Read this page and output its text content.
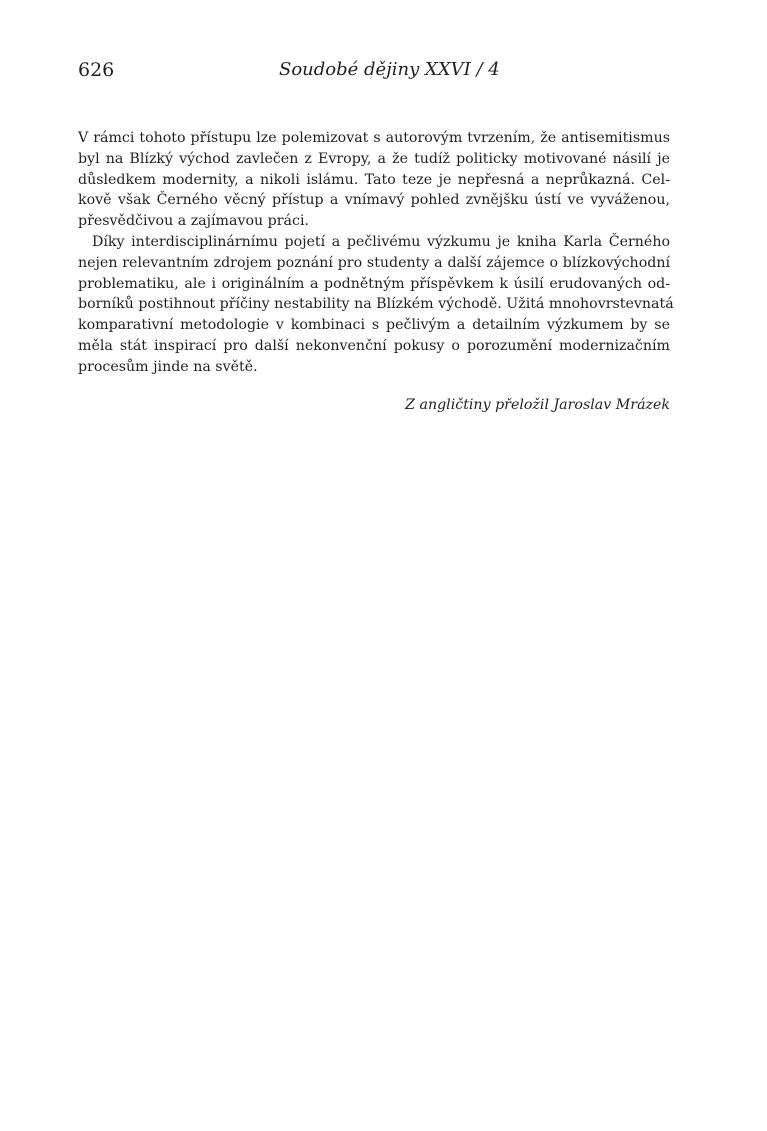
626	Soudobé dějiny XXVI / 4
V rámci tohoto přístupu lze polemizovat s autorovým tvrzením, že antisemitismus
byl na Blízký východ zavlečen z Evropy, a že tudíž politicky motivované násilí je
důsledkem modernity, a nikoli islámu. Tato teze je nepřesná a neprůkazná. Cel-
kově však Černého věcný přístup a vnímavý pohled zvnějšku ústí ve vyváženou,
přesvědčivou a zajímavou práci.
Díky interdisciplinárnímu pojetí a pečlivému výzkumu je kniha Karla Černého
nejen relevantním zdrojem poznání pro studenty a další zájemce o blízkovýchodní
problematiku, ale i originálním a podnětným příspěvkem k úsilí erudovaných od-
borníků postihnout příčiny nestability na Blízkém východě. Užitá mnohovrstevnatá
komparativní metodologie v kombinaci s pečlivým a detailním výzkumem by se
měla stát inspirací pro další nekonvenční pokusy o porozumění modernizačním
procesům jinde na světě.
Z angličtiny přeložil Jaroslav Mrázek
